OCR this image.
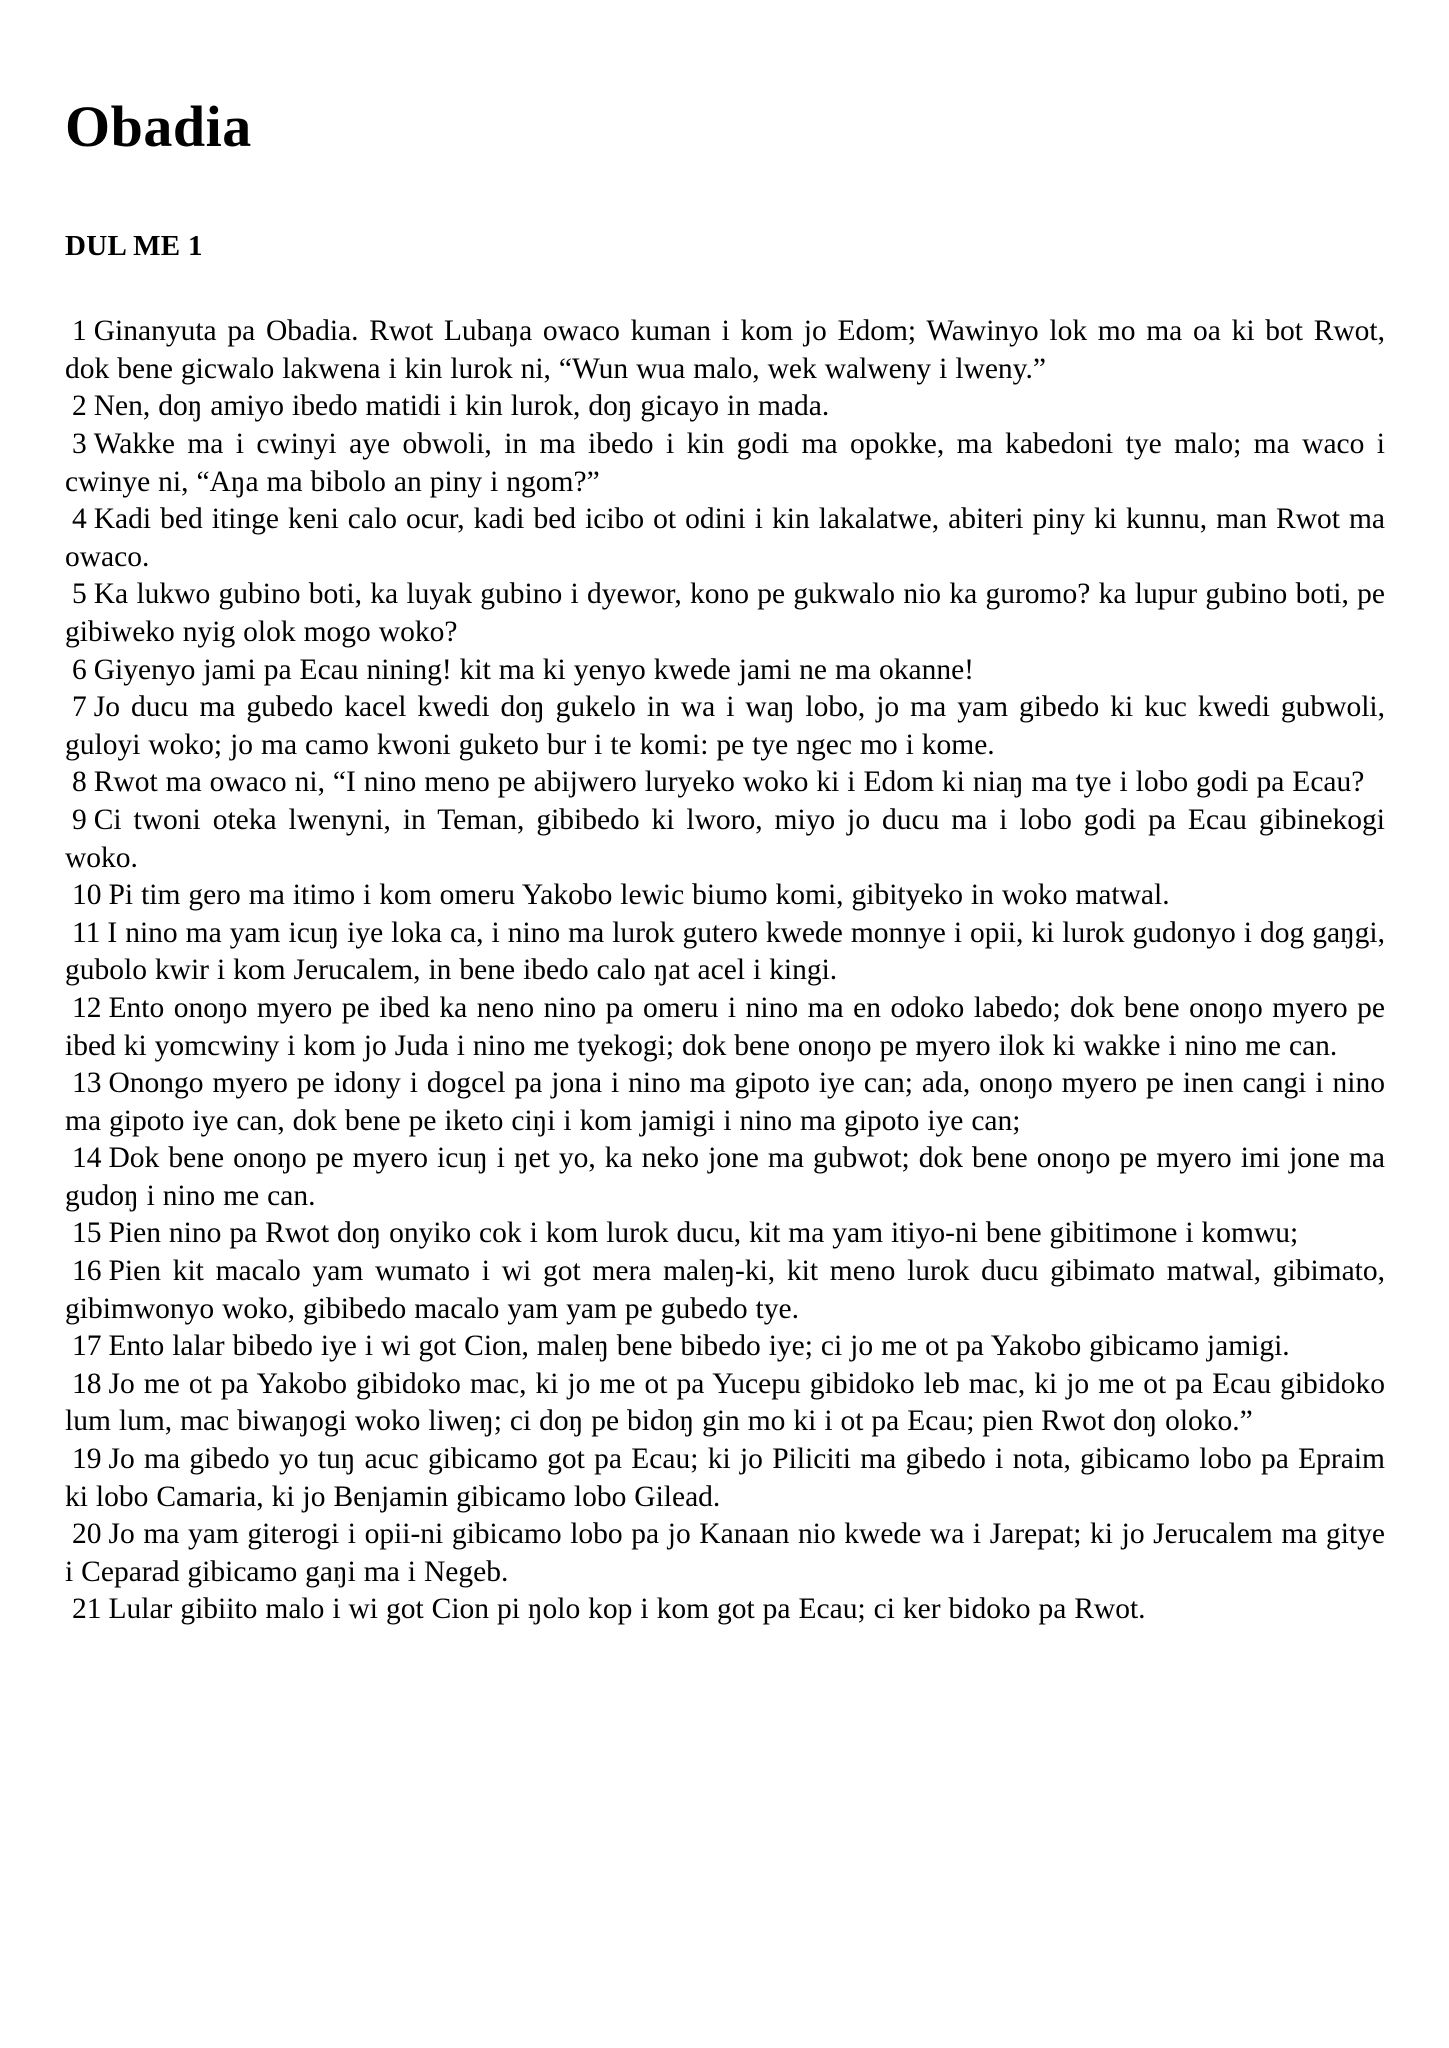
Obadia
DUL ME 1

1 Ginanyuta pa Obadia. Rwot Lubaŋa owaco kuman i kom jo Edom; Wawinyo lok mo ma oa ki bot Rwot, dok bene gicwalo lakwena i kin lurok ni, “Wun wua malo, wek walweny i lweny.”

2 Nen, doŋ amiyo ibedo matidi i kin lurok, doŋ gicayo in mada.

3 Wakke ma i cwinyi aye obwoli, in ma ibedo i kin godi ma opokke, ma kabedoni tye malo; ma waco i cwinye ni, “Aŋa ma bibolo an piny i ngom?”

4 Kadi bed itinge keni calo ocur, kadi bed icibo ot odini i kin lakalatwe, abiteri piny ki kunnu, man Rwot ma owaco.

5 Ka lukwo gubino boti, ka luyak gubino i dyewor, kono pe gukwalo nio ka guromo? ka lupur gubino boti, pe gibiweko nyig olok mogo woko?

6 Giyenyo jami pa Ecau nining! kit ma ki yenyo kwede jami ne ma okanne!

7 Jo ducu ma gubedo kacel kwedi doŋ gukelo in wa i waŋ lobo, jo ma yam gibedo ki kuc kwedi gubwoli, guloyi woko; jo ma camo kwoni guketo bur i te komi: pe tye ngec mo i kome.

8 Rwot ma owaco ni, “I nino meno pe abijwero luryeko woko ki i Edom ki niaŋ ma tye i lobo godi pa Ecau?

9 Ci twoni oteka lwenyni, in Teman, gibibedo ki lworo, miyo jo ducu ma i lobo godi pa Ecau gibinekogi woko.

10 Pi tim gero ma itimo i kom omeru Yakobo lewic biumo komi, gibityeko in woko matwal.

11 I nino ma yam icuŋ iye loka ca, i nino ma lurok gutero kwede monnye i opii, ki lurok gudonyo i dog gaŋgi, gubolo kwir i kom Jerucalem, in bene ibedo calo ŋat acel i kingi.

12 Ento onoŋo myero pe ibed ka neno nino pa omeru i nino ma en odoko labedo; dok bene onoŋo myero pe ibed ki yomcwiny i kom jo Juda i nino me tyekogi; dok bene onoŋo pe myero ilok ki wakke i nino me can.

13 Onongo myero pe idony i dogcel pa jona i nino ma gipoto iye can; ada, onoŋo myero pe inen cangi i nino ma gipoto iye can, dok bene pe iketo ciŋi i kom jamigi i nino ma gipoto iye can;

14 Dok bene onoŋo pe myero icuŋ i ŋet yo, ka neko jone ma gubwot; dok bene onoŋo pe myero imi jone ma gudoŋ i nino me can.

15 Pien nino pa Rwot doŋ onyiko cok i kom lurok ducu, kit ma yam itiyo-ni bene gibitimone i komwu;

16 Pien kit macalo yam wumato i wi got mera maleŋ-ki, kit meno lurok ducu gibimato matwal, gibimato, gibimwonyo woko, gibibedo macalo yam yam pe gubedo tye.

17 Ento lalar bibedo iye i wi got Cion, maleŋ bene bibedo iye; ci jo me ot pa Yakobo gibicamo jamigi.

18 Jo me ot pa Yakobo gibidoko mac, ki jo me ot pa Yucepu gibidoko leb mac, ki jo me ot pa Ecau gibidoko lum lum, mac biwaŋogi woko liweŋ; ci doŋ pe bidoŋ gin mo ki i ot pa Ecau; pien Rwot doŋ oloko.”

19 Jo ma gibedo yo tuŋ acuc gibicamo got pa Ecau; ki jo Piliciti ma gibedo i nota, gibicamo lobo pa Epraim ki lobo Camaria, ki jo Benjamin gibicamo lobo Gilead.

20 Jo ma yam giterogi i opii-ni gibicamo lobo pa jo Kanaan nio kwede wa i Jarepat; ki jo Jerucalem ma gitye i Ceparad gibicamo gaŋi ma i Negeb.

21 Lular gibiito malo i wi got Cion pi ŋolo kop i kom got pa Ecau; ci ker bidoko pa Rwot.
